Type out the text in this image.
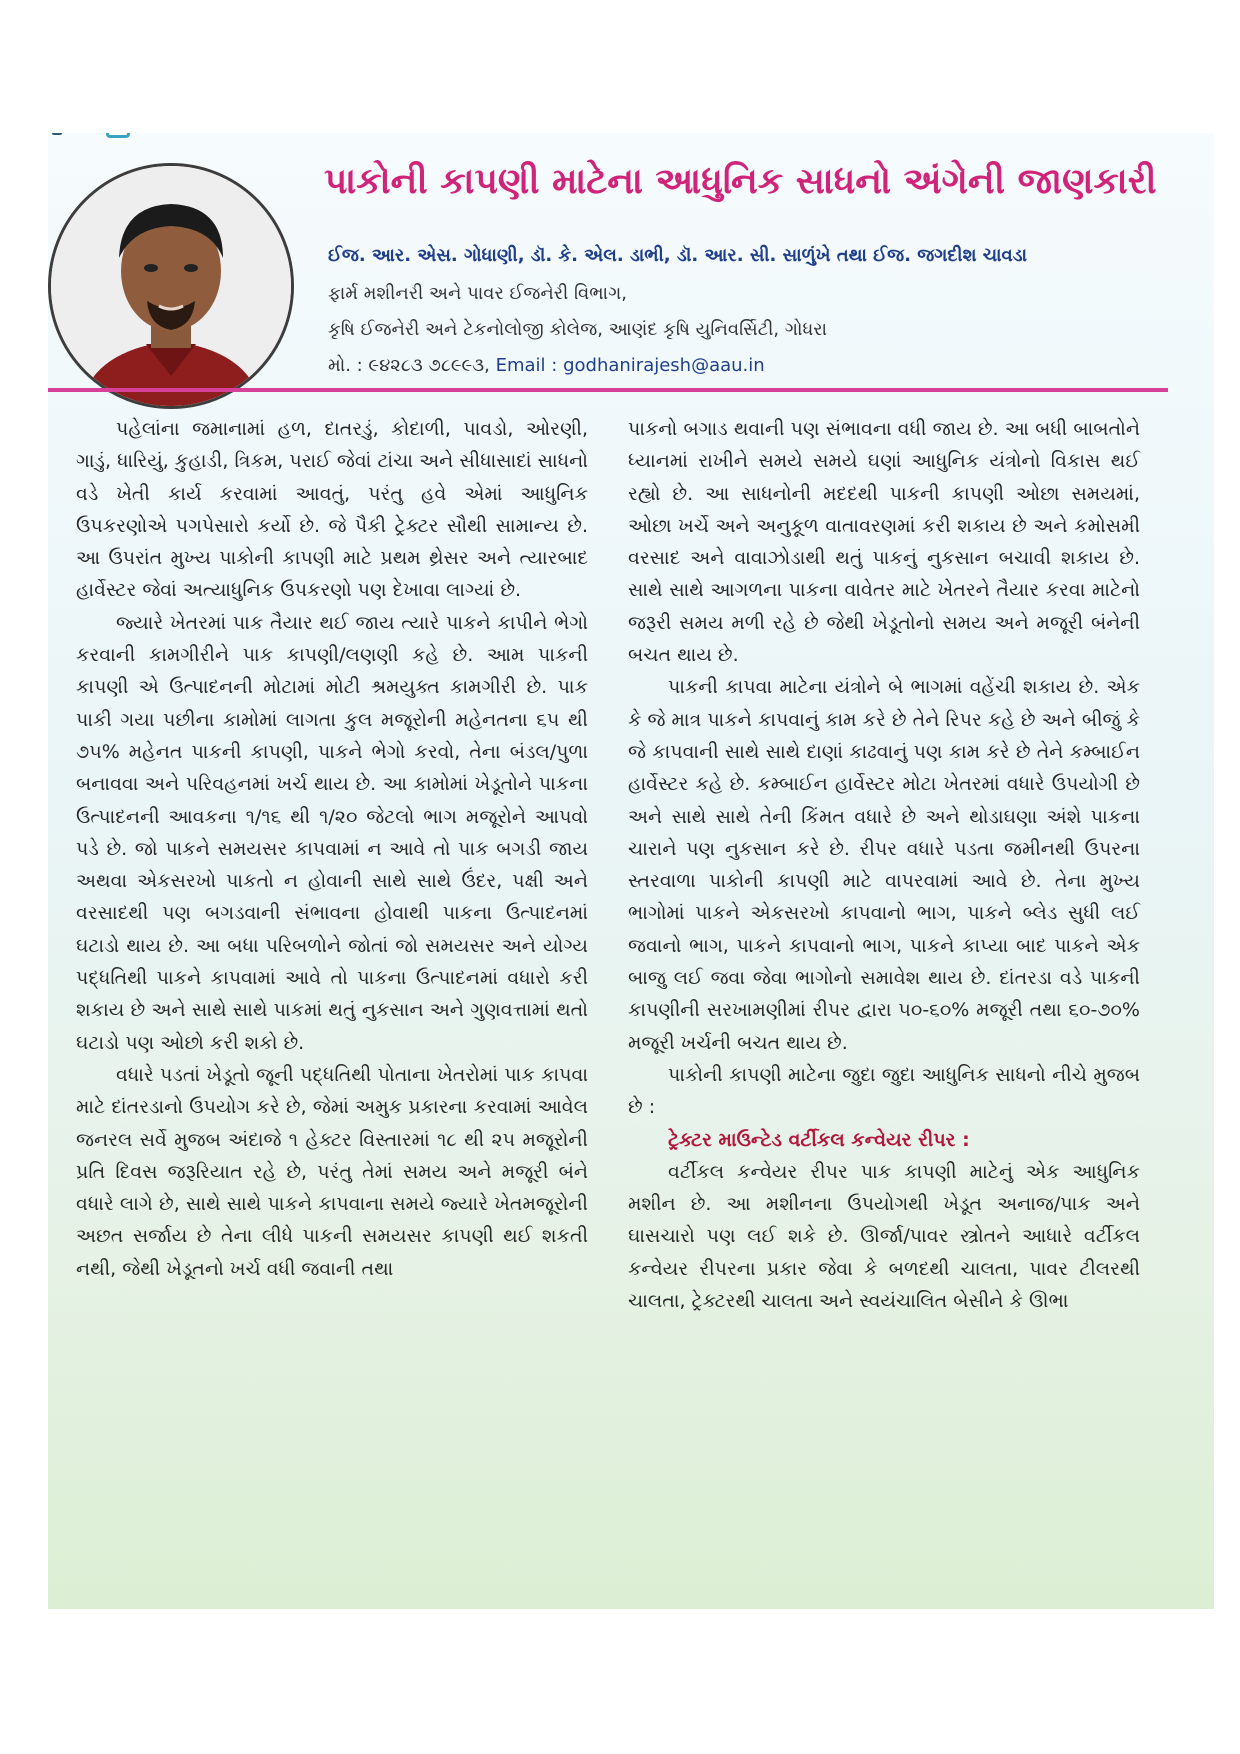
પાકોની કાપણી માટેના આધુનિક સાધનો અંગેની જાણકારી
ઈજ. આર. એસ. ગોધાણી, ડૉ. કે. એલ. ડાભી, ડૉ. આર. સી. સાળુંખે તથા ઈજ. જગદીશ ચાવડા
ફાર્મ મશીનરી અને પાવર ઈજનેરી વિભાગ,
કૃષિ ઈજનેરી અને ટેકનોલોજી કોલેજ, આણંદ કૃષિ યુનિવર્સિટી, ગોધરા
મો. : ૯૪૨૮૩ ૭૮૯૯૩, Email : godhanirajesh@aau.in

પહેલાંના જમાનામાં હળ, દાતરડું, કોદાળી, પાવડો, ઓરણી, ગાડું, ધારિયું, કુહાડી, ત્રિકમ, પરાઈ જેવાં ટાંચા અને સીધાસાદાં સાધનો વડે ખેતી કાર્ય કરવામાં આવતું, પરંતુ હવે એમાં આધુનિક ઉપકરણોએ પગપેસારો કર્યો છે. જે પૈકી ટ્રેક્ટર સૌથી સામાન્ય છે. આ ઉપરાંત મુખ્ય પાકોની કાપણી માટે પ્રથમ થ્રેસર અને ત્યારબાદ હાર્વેસ્ટર જેવાં અત્યાધુનિક ઉપકરણો પણ દેખાવા લાગ્યાં છે.

જ્યારે ખેતરમાં પાક તૈયાર થઈ જાય ત્યારે પાકને કાપીને ભેગો કરવાની કામગીરીને પાક કાપણી/લણણી કહે છે. આમ પાકની કાપણી એ ઉત્પાદનની મોટામાં મોટી શ્રમયુક્ત કામગીરી છે. પાક પાકી ગયા પછીના કામોમાં લાગતા કુલ મજૂરોની મહેનતના ૬૫ થી ૭૫% મહેનત પાકની કાપણી, પાકને ભેગો કરવો, તેના બંડલ/પુળા બનાવવા અને પરિવહનમાં ખર્ચ થાય છે. આ કામોમાં ખેડૂતોને પાકના ઉત્પાદનની આવકના ૧/૧૬ થી ૧/૨૦ જેટલો ભાગ મજૂરોને આપવો પડે છે. જો પાકને સમયસર કાપવામાં ન આવે તો પાક બગડી જાય અથવા એકસરખો પાકતો ન હોવાની સાથે સાથે ઉંદર, પક્ષી અને વરસાદથી પણ બગડવાની સંભાવના હોવાથી પાકના ઉત્પાદનમાં ઘટાડો થાય છે. આ બધા પરિબળોને જોતાં જો સમયસર અને યોગ્ય પદ્ધતિથી પાકને કાપવામાં આવે તો પાકના ઉત્પાદનમાં વધારો કરી શકાય છે અને સાથે સાથે પાકમાં થતું નુકસાન અને ગુણવત્તામાં થતો ઘટાડો પણ ઓછો કરી શકો છે.

વધારે પડતાં ખેડૂતો જૂની પદ્ધતિથી પોતાના ખેતરોમાં પાક કાપવા માટે દાંતરડાનો ઉપયોગ કરે છે, જેમાં અમુક પ્રકારના કરવામાં આવેલ જનરલ સર્વે મુજબ અંદાજે ૧ હેક્ટર વિસ્તારમાં ૧૮ થી ૨૫ મજૂરોની પ્રતિ દિવસ જરૂરિયાત રહે છે, પરંતુ તેમાં સમય અને મજૂરી બંને વધારે લાગે છે, સાથે સાથે પાકને કાપવાના સમયે જ્યારે ખેતમજૂરોની અછત સર્જાય છે તેના લીધે પાકની સમયસર કાપણી થઈ શકતી નથી, જેથી ખેડૂતનો ખર્ચ વધી જવાની તથા

પાકનો બગાડ થવાની પણ સંભાવના વધી જાય છે. આ બધી બાબતોને ધ્યાનમાં રાખીને સમયે સમયે ઘણાં આધુનિક યંત્રોનો વિકાસ થઈ રહ્યો છે. આ સાધનોની મદદથી પાકની કાપણી ઓછા સમયમાં, ઓછા ખર્ચે અને અનુકૂળ વાતાવરણમાં કરી શકાય છે અને કમોસમી વરસાદ અને વાવાઝોડાથી થતું પાકનું નુકસાન બચાવી શકાય છે. સાથે સાથે આગળના પાકના વાવેતર માટે ખેતરને તૈયાર કરવા માટેનો જરૂરી સમય મળી રહે છે જેથી ખેડૂતોનો સમય અને મજૂરી બંનેની બચત થાય છે.

પાકની કાપવા માટેના યંત્રોને બે ભાગમાં વહેંચી શકાય છે. એક કે જે માત્ર પાકને કાપવાનું કામ કરે છે તેને રિપર કહે છે અને બીજું કે જે કાપવાની સાથે સાથે દાણાં કાઢવાનું પણ કામ કરે છે તેને કમ્બાઈન હાર્વેસ્ટર કહે છે. કમ્બાઈન હાર્વેસ્ટર મોટા ખેતરમાં વધારે ઉપયોગી છે અને સાથે સાથે તેની કિંમત વધારે છે અને થોડાઘણા અંશે પાકના ચારાને પણ નુકસાન કરે છે. રીપર વધારે પડતા જમીનથી ઉપરના સ્તરવાળા પાકોની કાપણી માટે વાપરવામાં આવે છે. તેના મુખ્ય ભાગોમાં પાકને એકસરખો કાપવાનો ભાગ, પાકને બ્લેડ સુધી લઈ જવાનો ભાગ, પાકને કાપવાનો ભાગ, પાકને કાપ્યા બાદ પાકને એક બાજુ લઈ જવા જેવા ભાગોનો સમાવેશ થાય છે. દાંતરડા વડે પાકની કાપણીની સરખામણીમાં રીપર દ્વારા ૫૦-૬૦% મજૂરી તથા ૬૦-૭૦% મજૂરી ખર્ચની બચત થાય છે.

પાકોની કાપણી માટેના જુદા જુદા આધુનિક સાધનો નીચે મુજબ છે :

ટ્રેક્ટર માઉન્ટેડ વર્ટીકલ કન્વેયર રીપર :

વર્ટીકલ કન્વેયર રીપર પાક કાપણી માટેનું એક આધુનિક મશીન છે. આ મશીનના ઉપયોગથી ખેડૂત અનાજ/પાક અને ઘાસચારો પણ લઈ શકે છે. ઊર્જા/પાવર સ્ત્રોતને આધારે વર્ટીકલ કન્વેયર રીપરના પ્રકાર જેવા કે બળદથી ચાલતા, પાવર ટીલરથી ચાલતા, ટ્રેક્ટરથી ચાલતા અને સ્વયંચાલિત બેસીને કે ઊભા
